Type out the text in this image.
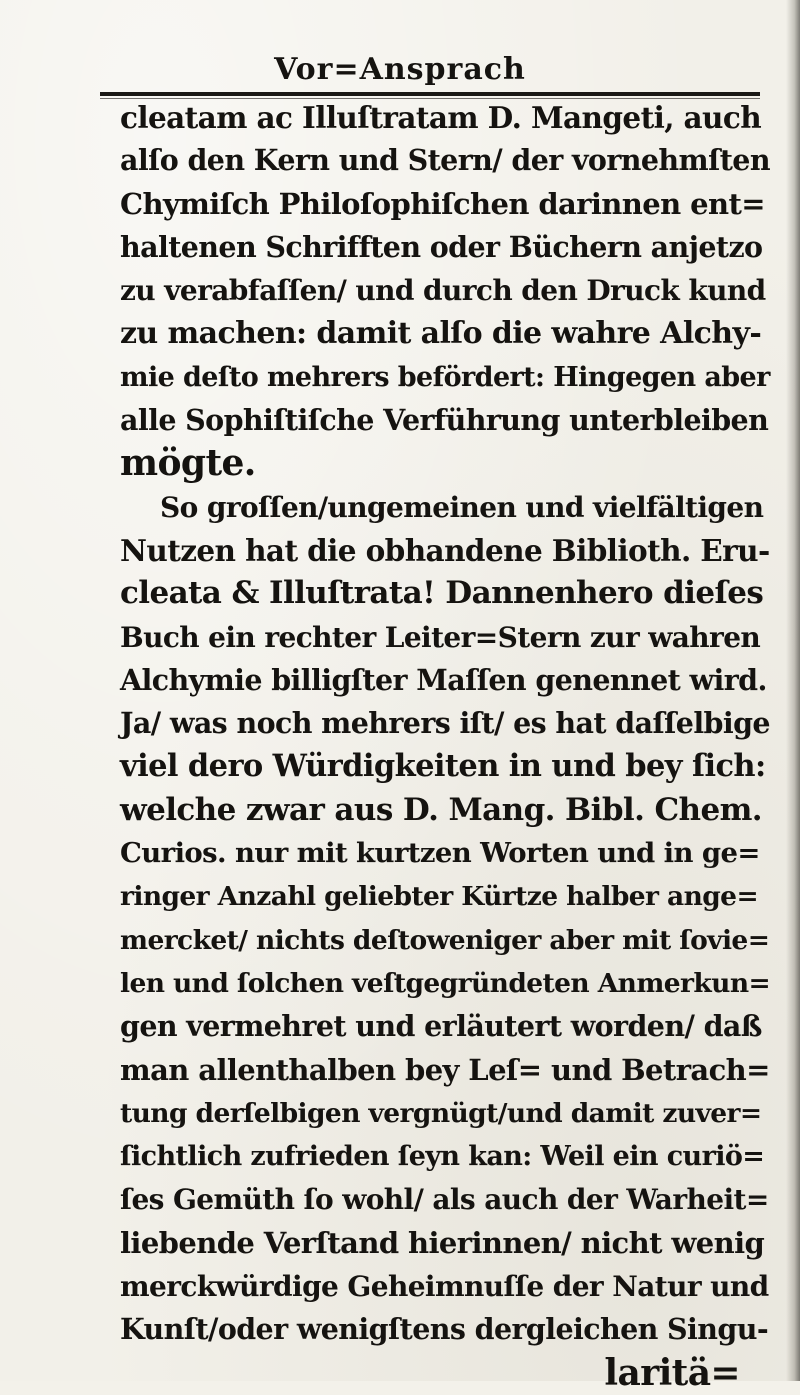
Vor=Ansprach
cleatam ac Illuſtratam D. Mangeti, auch
alſo den Kern und Stern/ der vornehmſten
Chymiſch Philoſophiſchen darinnen ent=
haltenen Schrifften oder Büchern anjetzo
zu verabfaſſen/ und durch den Druck kund
zu machen: damit alſo die wahre Alchy-
mie deſto mehrers befördert: Hingegen aber
alle Sophiſtiſche Verführung unterbleiben
mögte.
So groſſen/ungemeinen und vielfältigen
Nutzen hat die obhandene Biblioth. Eru-
cleata & Illuſtrata! Dannenhero dieſes
Buch ein rechter Leiter=Stern zur wahren
Alchymie billigſter Maſſen genennet wird.
Ja/ was noch mehrers iſt/ es hat daſſelbige
viel dero Würdigkeiten in und bey ſich:
welche zwar aus D. Mang. Bibl. Chem.
Curios. nur mit kurtzen Worten und in ge=
ringer Anzahl geliebter Kürtze halber ange=
mercket/ nichts deſtoweniger aber mit ſovie=
len und ſolchen veſtgegründeten Anmerkun=
gen vermehret und erläutert worden/ daß
man allenthalben bey Leſ= und Betrach=
tung derſelbigen vergnügt/und damit zuver=
ſichtlich zufrieden ſeyn kan: Weil ein curiö=
ſes Gemüth ſo wohl/ als auch der Warheit=
liebende Verſtand hierinnen/ nicht wenig
merckwürdige Geheimnuſſe der Natur und
Kunſt/oder wenigſtens dergleichen Singu-
laritä=
